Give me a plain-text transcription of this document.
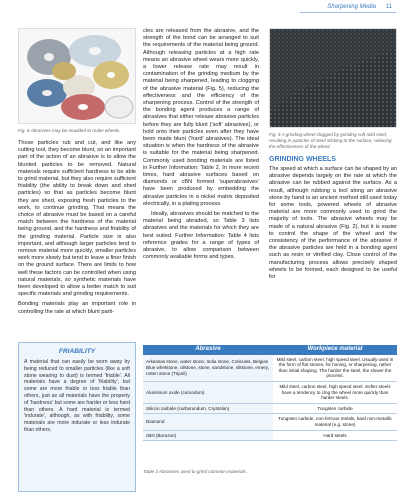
Sharpening Media 11
Fig. 8 Abrasives may be moulded to make wheels.

Those particles rub and cut, and like any cutting tool, they become blunt, so an important part of the action of an abrasive is to allow the blunted particles to be removed. Natural materials require sufficient hardness to be able to grind material, but they also require sufficient friability (the ability to break down and shed particles) so that as particles become blunt they are shed, exposing fresh particles to the work, to continue grinding. That means the choice of abrasive must be based on a careful match between the hardness of the material being ground, and the hardness and friability of the grinding material. Particle size is also important, and although larger particles tend to remove material more quickly, smaller particles work more slowly but tend to leave a finer finish on the ground surface. There are limits to how well these factors can be controlled when using natural materials, so synthetic materials have been developed to allow a better match to suit specific materials and grinding requirements.

Bonding materials play an important role in controlling the rate at which blunt parti-

FRIABILITY

A material that can easily be worn away by being reduced to smaller particles (like a soft stone wearing to dust) is termed 'friable'. All materials have a degree of 'friability', but some are more friable or less friable than others, just as all materials have the property of 'hardness' but some are harder or less hard than others. A hard material is termed 'indurate', although, as with friability, some materials are more indurate or less indurate than others.

cles are released from the abrasive, and the strength of the bond can be arranged to suit the requirements of the material being ground. Although releasing particles at a high rate means an abrasive wheel wears more quickly, a lower release rate may result in contamination of the grinding medium by the material being sharpened, leading to clogging of the abrasive material (Fig. 5), reducing the effectiveness and the efficiency of the sharpening process. Control of the strength of the bonding agent produces a range of abrasives that either release abrasive particles before they are fully blunt ('soft' abrasives), or hold onto their particles even after they have been made blunt ('hard' abrasives). The ideal situation is when the hardness of the abrasive is suitable for the material being sharpened. Commonly used bonding materials are listed in Further Information: Table 2. In more recent times, hard abrasive surfaces based on diamonds or cBN formed 'superabrasives' have been produced by embedding the abrasive particles in a nickel matrix deposited electrically, in a plating process.

Ideally, abrasives should be matched to the material being abraded, so Table 3 lists abrasives and the materials for which they are best suited. Further Information: Table 4 lists reference grades for a range of types of abrasive, to allow comparison between commonly available forms and types.

Fig. 5 A grinding wheel clogged by grinding soft mild steel, resulting in particles of steel sticking to the surface, reducing the effectiveness of the wheel.
GRINDING WHEELS

The speed at which a surface can be shaped by an abrasive depends largely on the rate at which the abrasive can be rubbed against the surface. As a result, although rubbing a tool along an abrasive stone by hand is an ancient method still used today for some tools, powered wheels of abrasive material are more commonly used to grind the majority of tools. The abrasive wheels may be made of a natural abrasive (Fig. 2), but it is easier to control the shape of the wheel and the consistency of the performance of the abrasive if the abrasive particles are held in a bonding agent such as resin or vitrified clay. Close control of the manufacturing process allows precisely shaped wheels to be formed, each designed to be useful for

Abrasive	Workpiece material
Arkansas stone, water stone, India stone, Coticules, Belgian Blue whetstone, oilstone, stone, sandstone, siltstone, emery, rotten stone (Tripoli)	Mild steel, carbon steel, high speed steel. Usually used in the form of flat stones, for honing, or sharpening, rather than initial shaping. The harder the steel, the slower the process.
Aluminium oxide (corundum)	Mild steel, carbon steel, high speed steel. Softer steels have a tendency to clog the wheel more quickly than harder steels.
Silicon carbide (carborundum, Crystolon)	Tungsten carbide
Diamond	Tungsten carbide, non-ferrous metals, hard non-metallic material (e.g. stone)
cBN (Borazon)	Hard steels
Table 3 Abrasives used to grind common materials.
